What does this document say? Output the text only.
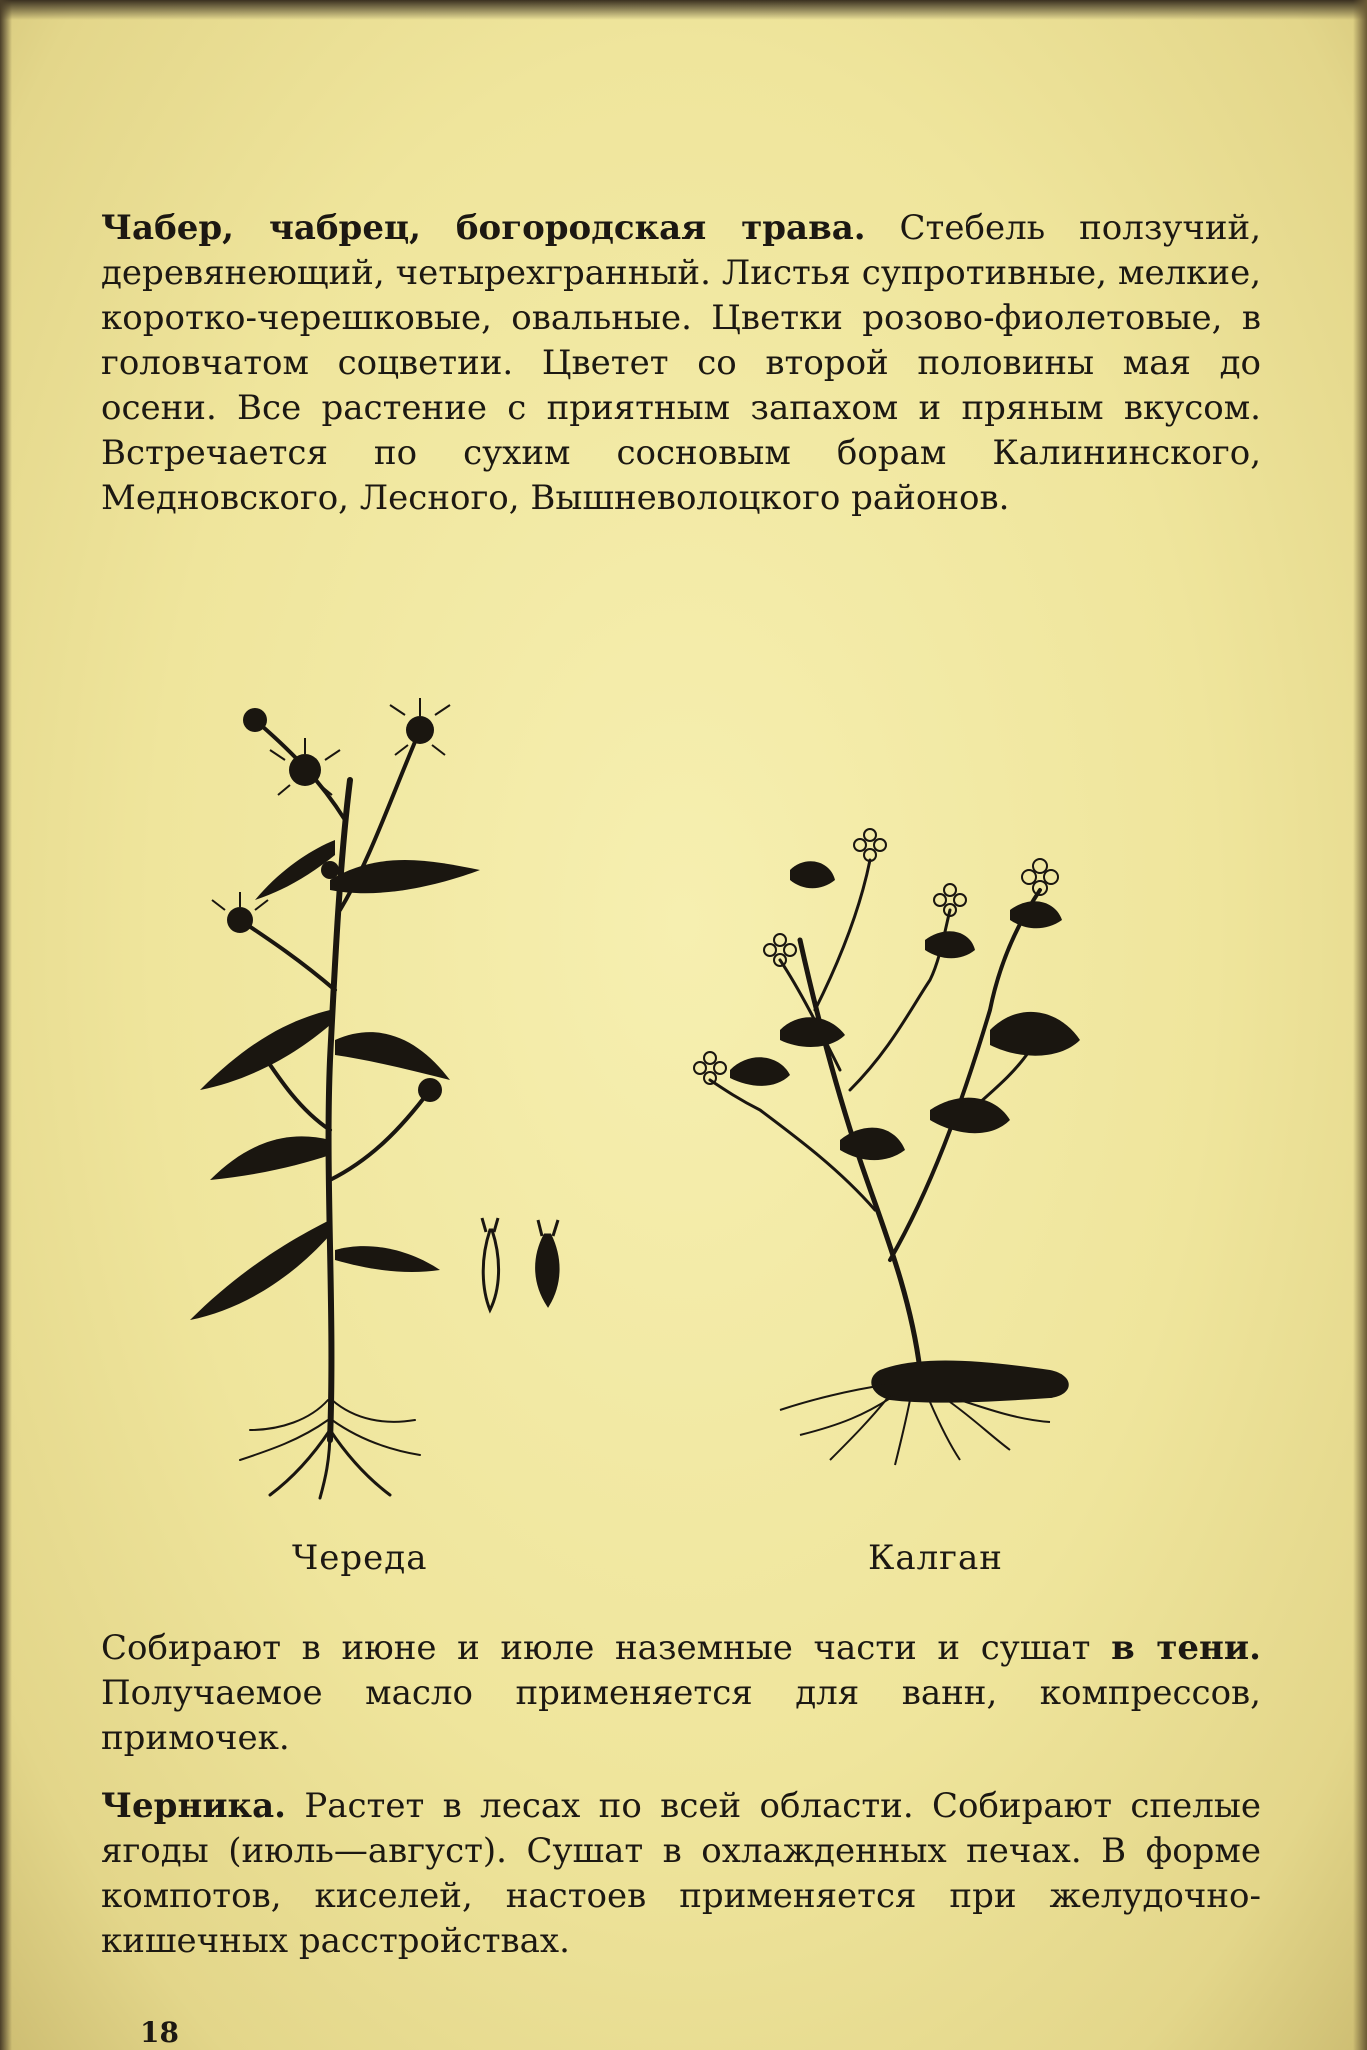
Чабер, чабрец, богородская трава. Стебель ползучий, деревянеющий, четырехгранный. Листья супротивные, мелкие, коротко-черешковые, овальные. Цветки розово-фиолетовые, в головчатом соцветии. Цветет со второй половины мая до осени. Все растение с приятным запахом и пряным вкусом. Встречается по сухим сосновым борам Калининского, Медновского, Лесного, Вышневолоцкого районов.

Череда	Калган

Собирают в июне и июле наземные части и сушат в тени. Получаемое масло применяется для ванн, компрессов, примочек.

Черника. Растет в лесах по всей области. Собирают спелые ягоды (июль—август). Сушат в охлажденных печах. В форме компотов, киселей, настоев применяется при желудочно-кишечных расстройствах.

18
